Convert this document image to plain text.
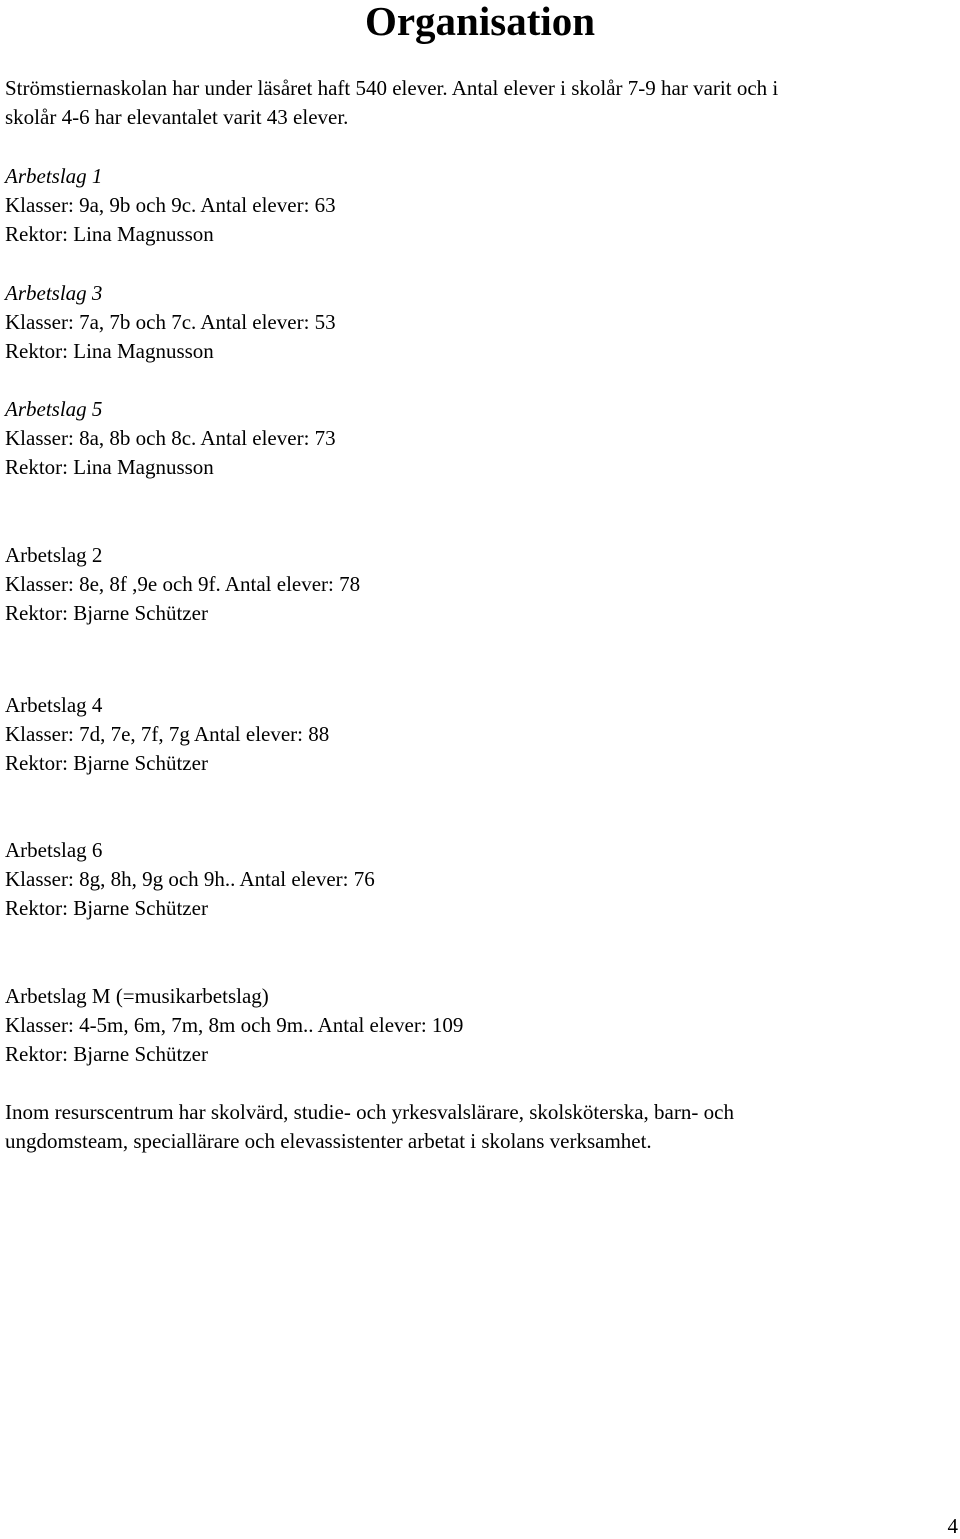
Organisation
Strömstiernaskolan har under läsåret haft 540 elever. Antal elever i skolår 7-9 har varit och i
skolår 4-6 har elevantalet varit 43 elever.
Arbetslag 1
Klasser: 9a, 9b och 9c. Antal elever: 63
Rektor: Lina Magnusson
Arbetslag 3
Klasser: 7a, 7b och 7c. Antal elever: 53
Rektor: Lina Magnusson
Arbetslag 5
Klasser: 8a, 8b och 8c. Antal elever: 73
Rektor: Lina Magnusson
Arbetslag 2
Klasser: 8e, 8f ,9e och 9f. Antal elever: 78
Rektor: Bjarne Schützer
Arbetslag 4
Klasser: 7d, 7e, 7f, 7g Antal elever: 88
Rektor: Bjarne Schützer
Arbetslag 6
Klasser: 8g, 8h, 9g och 9h.. Antal elever: 76
Rektor: Bjarne Schützer
Arbetslag M (=musikarbetslag)
Klasser: 4-5m, 6m, 7m, 8m och 9m.. Antal elever: 109
Rektor: Bjarne Schützer
Inom resurscentrum har skolvärd, studie- och yrkesvalslärare, skolsköterska, barn- och
ungdomsteam, speciallärare och elevassistenter arbetat i skolans verksamhet.
4
